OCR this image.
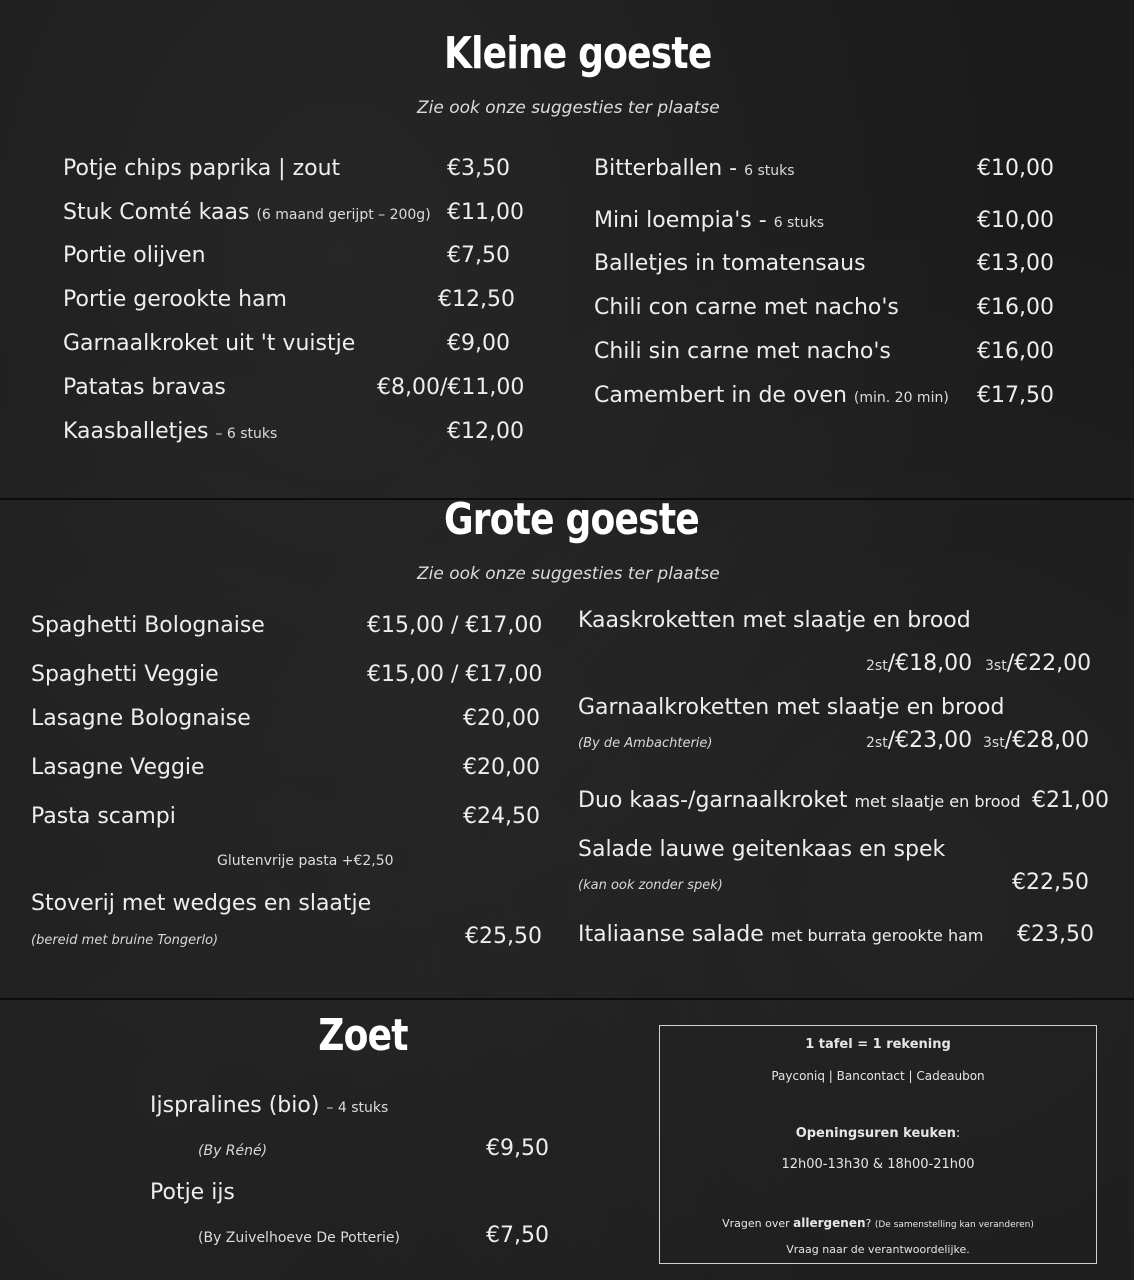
Kleine goeste
Zie ook onze suggesties ter plaatse
Potje chips paprika | zout	€3,50
Stuk Comté kaas (6 maand gerijpt – 200g) €11,00
Portie olijven	€7,50
Portie gerookte ham	€12,50
Garnaalkroket uit 't vuistje	€9,00
Patatas bravas	€8,00/€11,00
Kaasballetjes – 6 stuks	€12,00
Bitterballen - 6 stuks	€10,00
Mini loempia's - 6 stuks	€10,00
Balletjes in tomatensaus	€13,00
Chili con carne met nacho's	€16,00
Chili sin carne met nacho's	€16,00
Camembert in de oven (min. 20 min) €17,50
Grote goeste
Zie ook onze suggesties ter plaatse
Spaghetti Bolognaise	€15,00 / €17,00
Spaghetti Veggie	€15,00 / €17,00
Lasagne Bolognaise	€20,00
Lasagne Veggie	€20,00
Pasta scampi	€24,50
Glutenvrije pasta +€2,50
Stoverij met wedges en slaatje
(bereid met bruine Tongerlo)	€25,50
Kaaskroketten met slaatje en brood
2st/€18,00 3st/€22,00
Garnaalkroketten met slaatje en brood
(By de Ambachterie)	2st/€23,00 3st/€28,00
Duo kaas-/garnaalkroket met slaatje en brood €21,00
Salade lauwe geitenkaas en spek
(kan ook zonder spek)	€22,50
Italiaanse salade met burrata gerookte ham €23,50
Zoet
Ijspralines (bio) – 4 stuks
(By Réné)	€9,50
Potje ijs
(By Zuivelhoeve De Potterie)	€7,50
1 tafel = 1 rekening
Payconiq | Bancontact | Cadeaubon
Openingsuren keuken:
12h00-13h30 & 18h00-21h00
Vragen over allergenen? (De samenstelling kan veranderen)
Vraag naar de verantwoordelijke.
